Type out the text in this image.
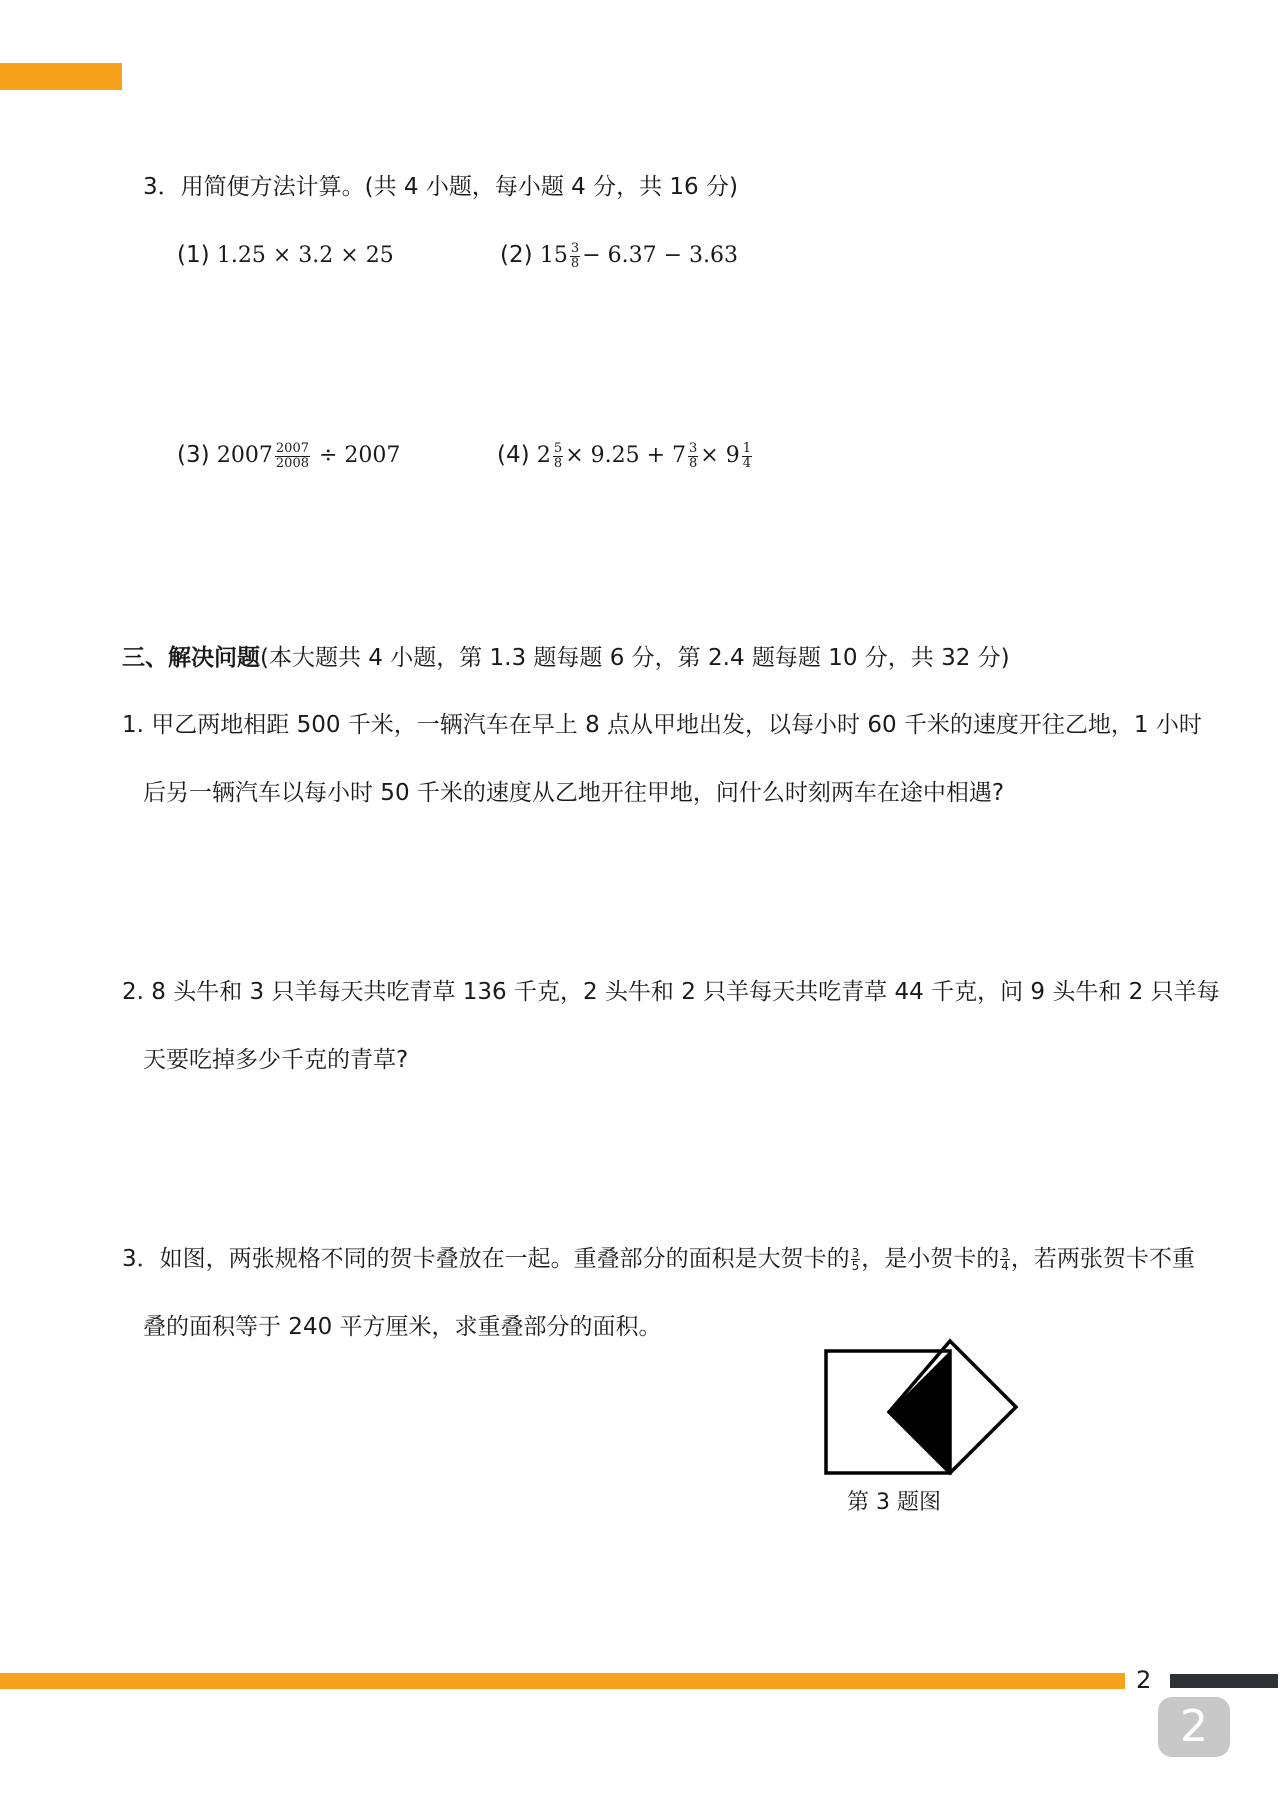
3．用简便方法计算。(共 4 小题，每小题 4 分，共 16 分)
(1) 1.25 × 3.2 × 25	(2) $15 \frac{3}{8} - 6.37 - 3.63$
(3) $2007 \frac{2007}{2008} \div 2007$	(4) $2 \frac{5}{8} \times 9.25 + 7 \frac{3}{8} \times 9 \frac{1}{4}$
三、解决问题(本大题共 4 小题，第 1.3 题每题 6 分，第 2.4 题每题 10 分，共 32 分)
1. 甲乙两地相距 500 千米，一辆汽车在早上 8 点从甲地出发，以每小时 60 千米的速度开往乙地，1 小时
后另一辆汽车以每小时 50 千米的速度从乙地开往甲地，问什么时刻两车在途中相遇?
2. 8 头牛和 3 只羊每天共吃青草 136 千克，2 头牛和 2 只羊每天共吃青草 44 千克，问 9 头牛和 2 只羊每
天要吃掉多少千克的青草?
3．如图，两张规格不同的贺卡叠放在一起。重叠部分的面积是大贺卡的 $\frac{3}{5}$ ，是小贺卡的 $\frac{3}{4}$ ，若两张贺卡不重
叠的面积等于 240 平方厘米，求重叠部分的面积。
第 3 题图
2
2
